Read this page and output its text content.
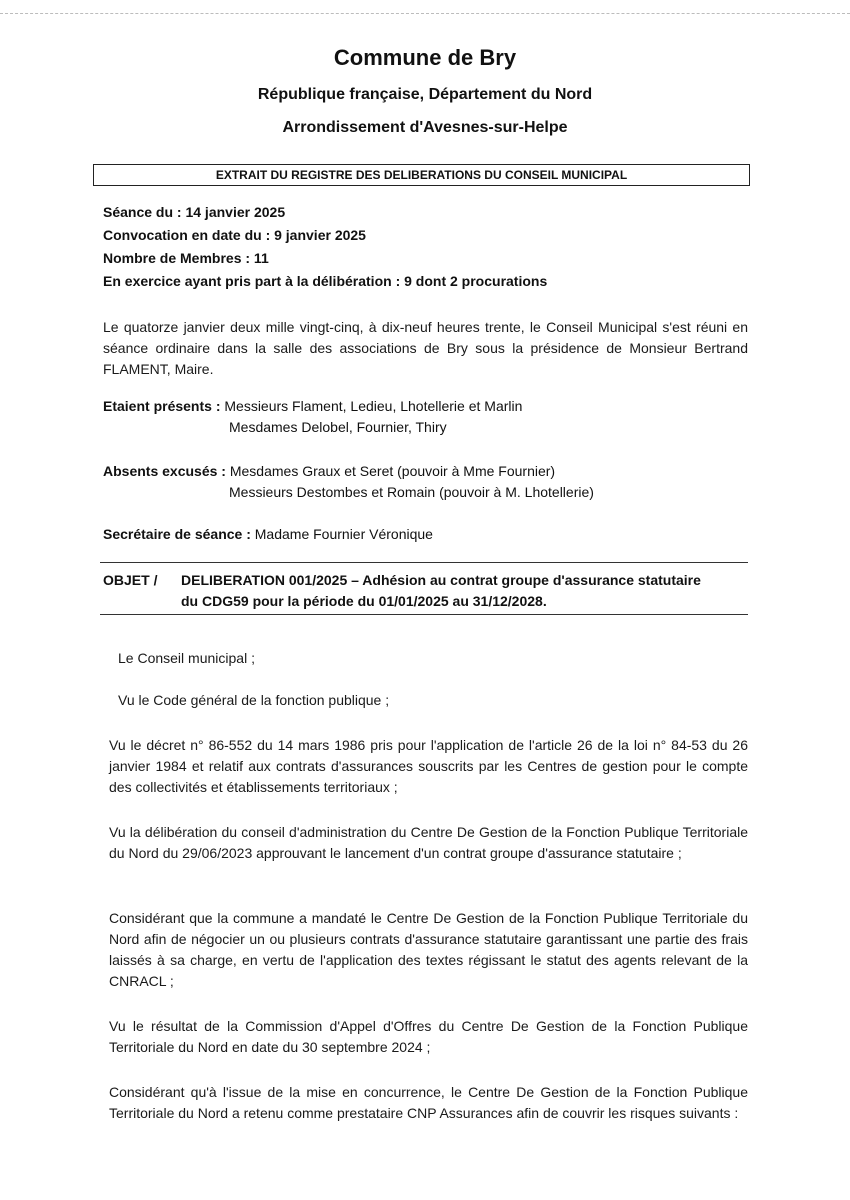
Commune de Bry
République française, Département du Nord
Arrondissement d'Avesnes-sur-Helpe
EXTRAIT DU REGISTRE DES DELIBERATIONS DU CONSEIL MUNICIPAL
Séance du : 14 janvier 2025
Convocation en date du : 9 janvier 2025
Nombre de Membres : 11
En exercice ayant pris part à la délibération : 9 dont 2 procurations
Le quatorze janvier deux mille vingt-cinq, à dix-neuf heures trente, le Conseil Municipal s'est réuni en séance ordinaire dans la salle des associations de Bry sous la présidence de Monsieur Bertrand FLAMENT, Maire.
Etaient présents : Messieurs Flament, Ledieu, Lhotellerie et Marlin
Mesdames Delobel, Fournier, Thiry
Absents excusés : Mesdames Graux et Seret (pouvoir à Mme Fournier)
Messieurs Destombes et Romain (pouvoir à M. Lhotellerie)
Secrétaire de séance : Madame Fournier Véronique
OBJET / DELIBERATION 001/2025 – Adhésion au contrat groupe d'assurance statutaire
du CDG59 pour la période du 01/01/2025 au 31/12/2028.
Le Conseil municipal ;
Vu le Code général de la fonction publique ;
Vu le décret n° 86-552 du 14 mars 1986 pris pour l'application de l'article 26 de la loi n° 84-53 du 26 janvier 1984 et relatif aux contrats d'assurances souscrits par les Centres de gestion pour le compte des collectivités et établissements territoriaux ;
Vu la délibération du conseil d'administration du Centre De Gestion de la Fonction Publique Territoriale du Nord du 29/06/2023 approuvant le lancement d'un contrat groupe d'assurance statutaire ;
Considérant que la commune a mandaté le Centre De Gestion de la Fonction Publique Territoriale du Nord afin de négocier un ou plusieurs contrats d'assurance statutaire garantissant une partie des frais laissés à sa charge, en vertu de l'application des textes régissant le statut des agents relevant de la CNRACL ;
Vu le résultat de la Commission d'Appel d'Offres du Centre De Gestion de la Fonction Publique Territoriale du Nord en date du 30 septembre 2024 ;
Considérant qu'à l'issue de la mise en concurrence, le Centre De Gestion de la Fonction Publique Territoriale du Nord a retenu comme prestataire CNP Assurances afin de couvrir les risques suivants :
